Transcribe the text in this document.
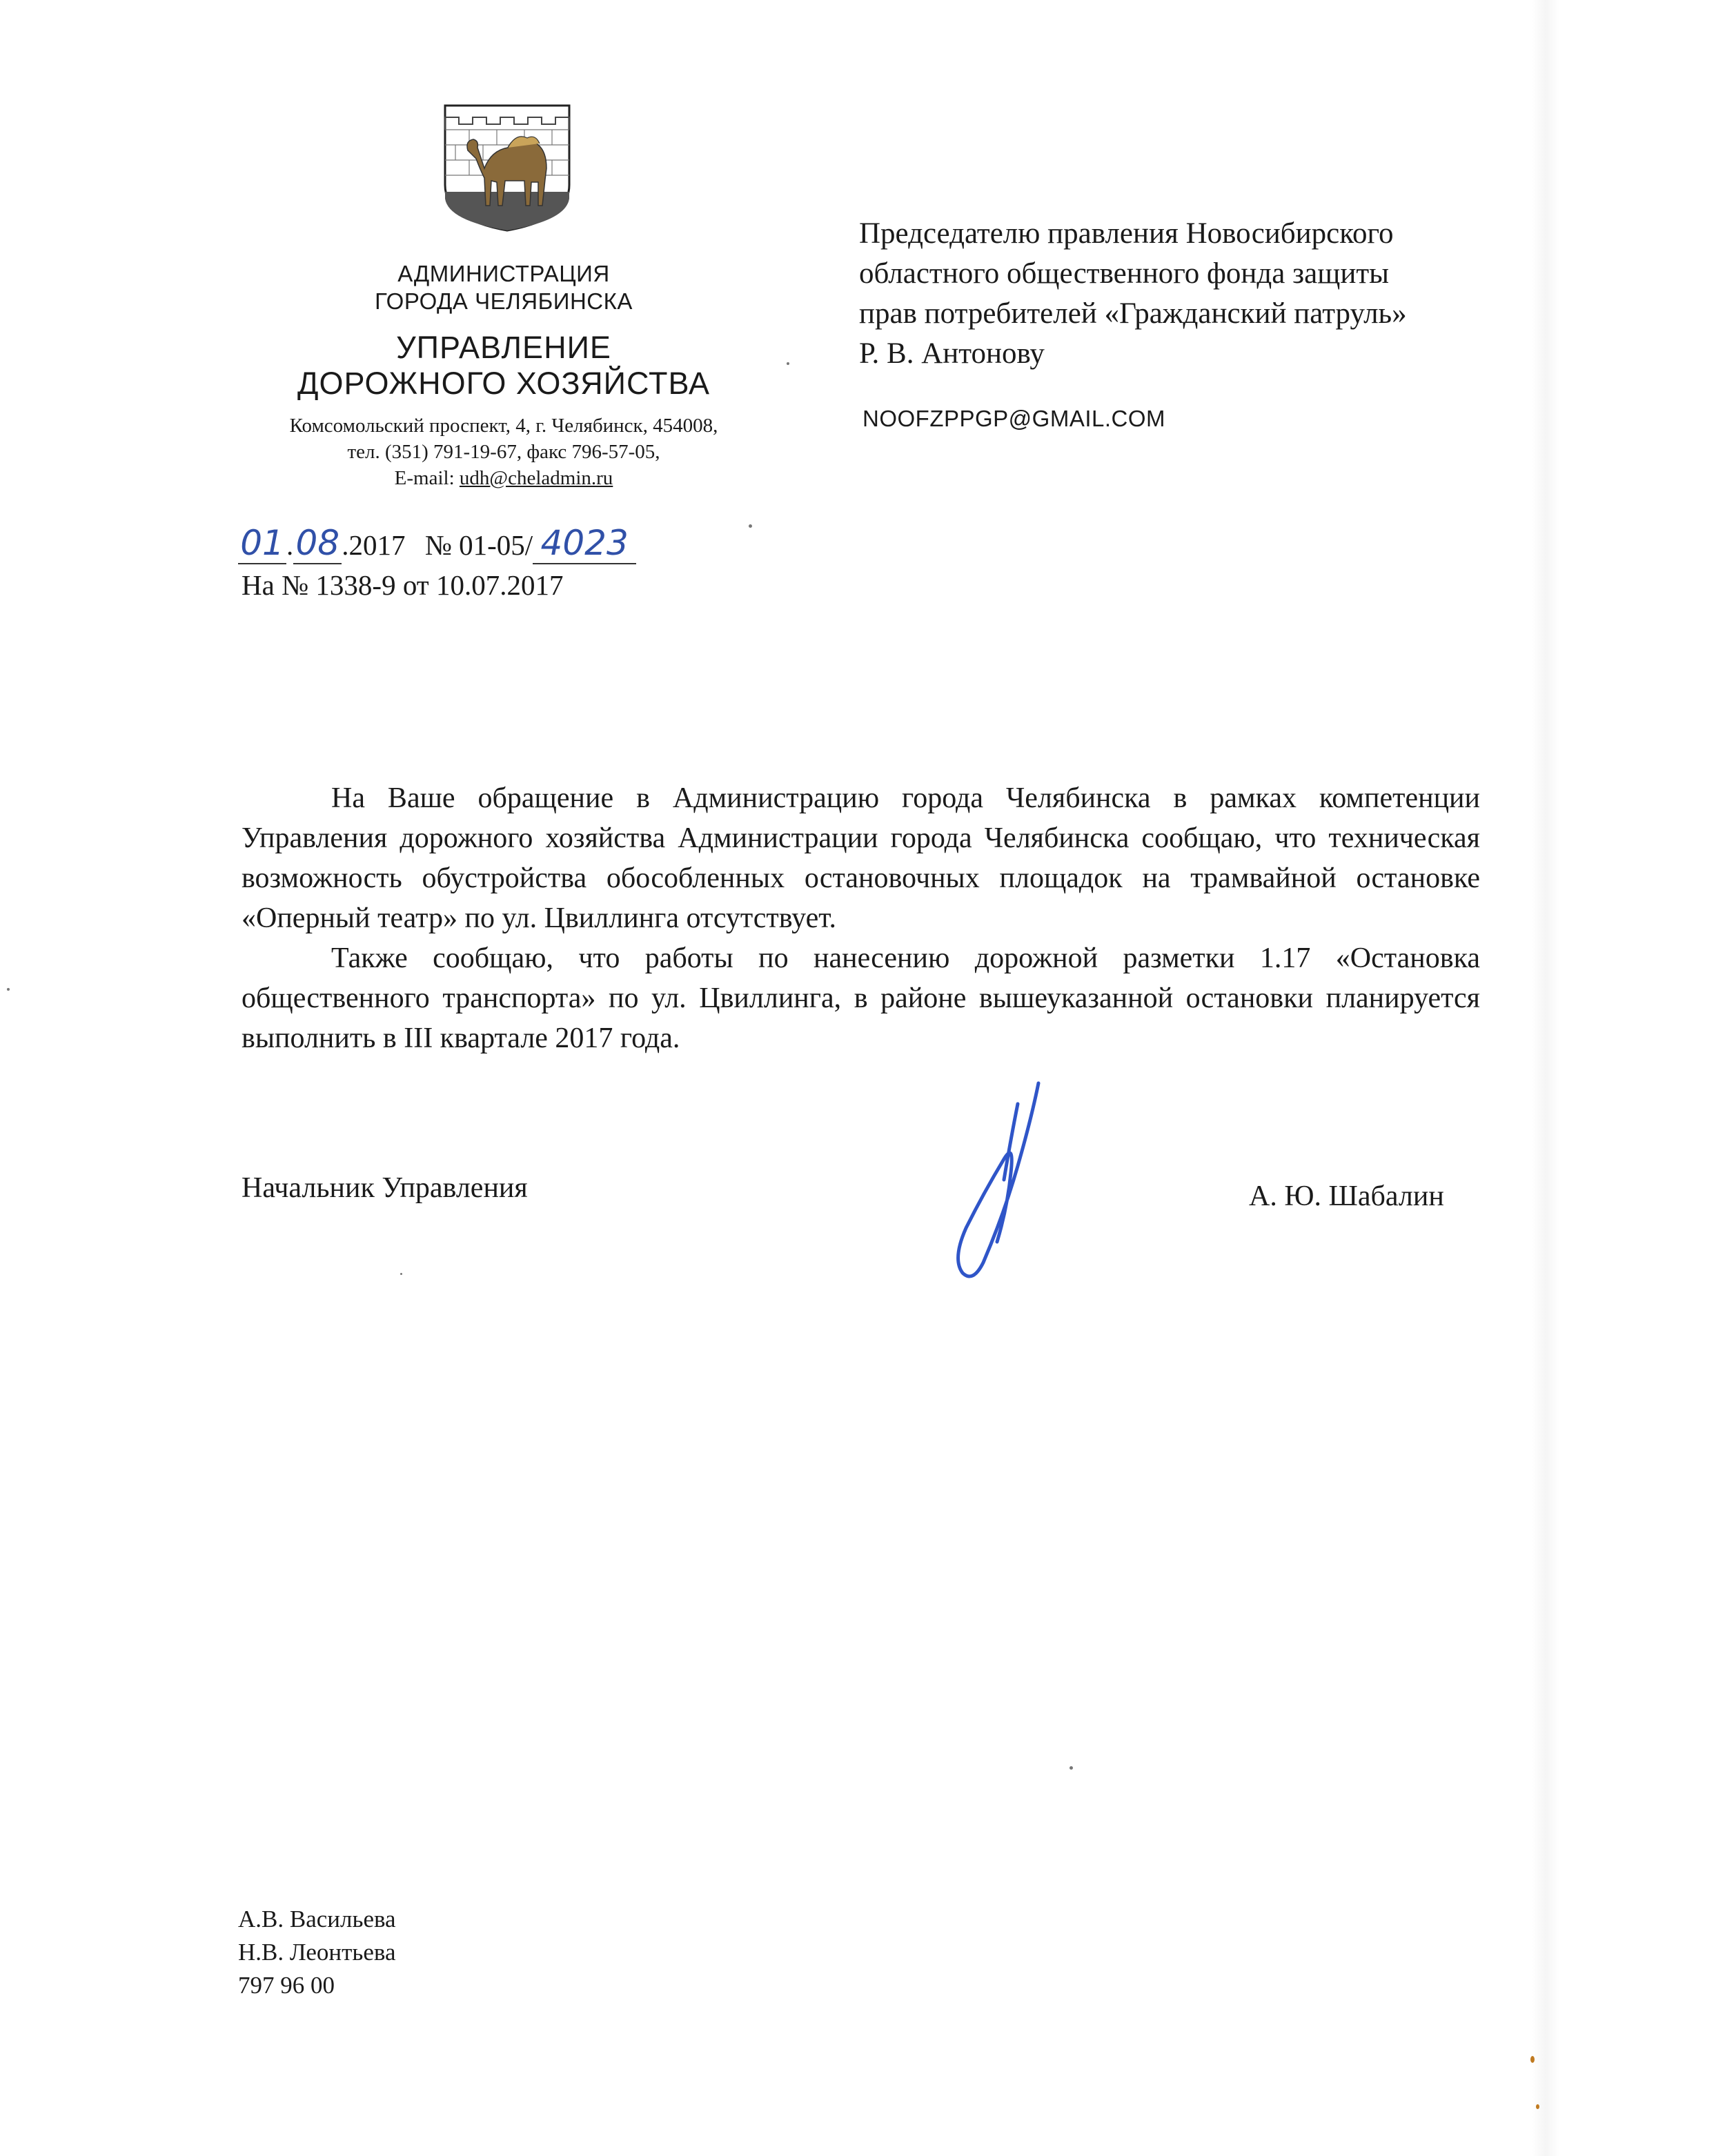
АДМИНИСТРАЦИЯ
ГОРОДА ЧЕЛЯБИНСКА
УПРАВЛЕНИЕ
ДОРОЖНОГО ХОЗЯЙСТВА
Комсомольский проспект, 4, г. Челябинск, 454008,
тел. (351) 791-19-67, факс 796-57-05,
E-mail: udh@cheladmin.ru
01.08.2017 № 01-05/ 4023
На № 1338-9 от 10.07.2017
Председателю правления Новосибирского
областного общественного фонда защиты
прав потребителей «Гражданский патруль»
Р. В. Антонову
NOOFZPPGP@GMAIL.COM

На Ваше обращение в Администрацию города Челябинска в рамках компетенции Управления дорожного хозяйства Администрации города Челябинска сообщаю, что техническая возможность обустройства обособленных остановочных площадок на трамвайной остановке «Оперный театр» по ул. Цвиллинга отсутствует.

Также сообщаю, что работы по нанесению дорожной разметки 1.17 «Остановка общественного транспорта» по ул. Цвиллинга, в районе вышеуказанной остановки планируется выполнить в III квартале 2017 года.

Начальник Управления	А. Ю. Шабалин
А.В. Васильева
Н.В. Леонтьева
797 96 00
